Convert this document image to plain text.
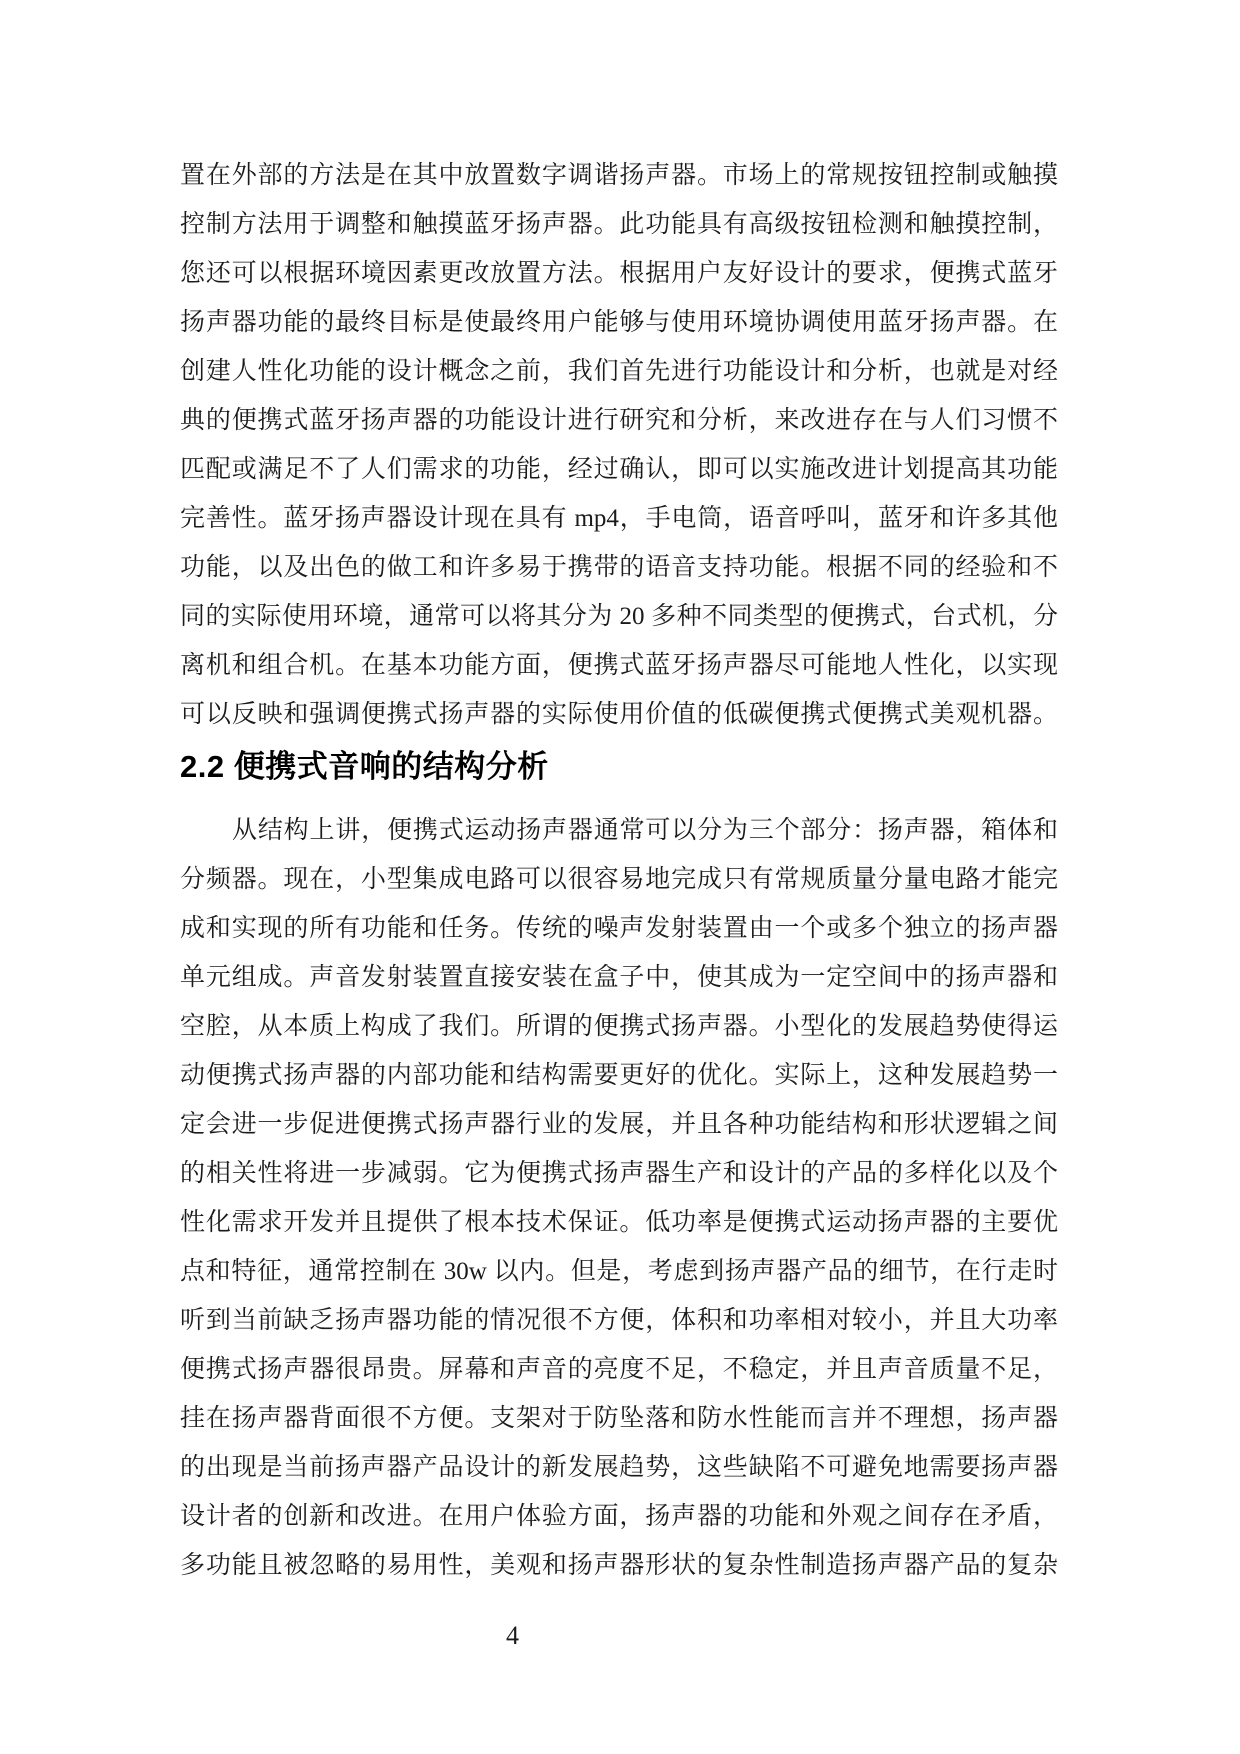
置在外部的方法是在其中放置数字调谐扬声器。市场上的常规按钮控制或触摸
控制方法用于调整和触摸蓝牙扬声器。此功能具有高级按钮检测和触摸控制，
您还可以根据环境因素更改放置方法。根据用户友好设计的要求，便携式蓝牙
扬声器功能的最终目标是使最终用户能够与使用环境协调使用蓝牙扬声器。在
创建人性化功能的设计概念之前，我们首先进行功能设计和分析，也就是对经
典的便携式蓝牙扬声器的功能设计进行研究和分析，来改进存在与人们习惯不
匹配或满足不了人们需求的功能，经过确认，即可以实施改进计划提高其功能
完善性。蓝牙扬声器设计现在具有 mp4，手电筒，语音呼叫，蓝牙和许多其他
功能，以及出色的做工和许多易于携带的语音支持功能。根据不同的经验和不
同的实际使用环境，通常可以将其分为 20 多种不同类型的便携式，台式机，分
离机和组合机。在基本功能方面，便携式蓝牙扬声器尽可能地人性化，以实现
可以反映和强调便携式扬声器的实际使用价值的低碳便携式便携式美观机器。
2.2 便携式音响的结构分析
从结构上讲，便携式运动扬声器通常可以分为三个部分：扬声器，箱体和
分频器。现在，小型集成电路可以很容易地完成只有常规质量分量电路才能完
成和实现的所有功能和任务。传统的噪声发射装置由一个或多个独立的扬声器
单元组成。声音发射装置直接安装在盒子中，使其成为一定空间中的扬声器和
空腔，从本质上构成了我们。所谓的便携式扬声器。小型化的发展趋势使得运
动便携式扬声器的内部功能和结构需要更好的优化。实际上，这种发展趋势一
定会进一步促进便携式扬声器行业的发展，并且各种功能结构和形状逻辑之间
的相关性将进一步减弱。它为便携式扬声器生产和设计的产品的多样化以及个
性化需求开发并且提供了根本技术保证。低功率是便携式运动扬声器的主要优
点和特征，通常控制在 30w 以内。但是，考虑到扬声器产品的细节，在行走时
听到当前缺乏扬声器功能的情况很不方便，体积和功率相对较小，并且大功率
便携式扬声器很昂贵。屏幕和声音的亮度不足，不稳定，并且声音质量不足，
挂在扬声器背面很不方便。支架对于防坠落和防水性能而言并不理想，扬声器
的出现是当前扬声器产品设计的新发展趋势，这些缺陷不可避免地需要扬声器
设计者的创新和改进。在用户体验方面，扬声器的功能和外观之间存在矛盾，
多功能且被忽略的易用性，美观和扬声器形状的复杂性制造扬声器产品的复杂
4
